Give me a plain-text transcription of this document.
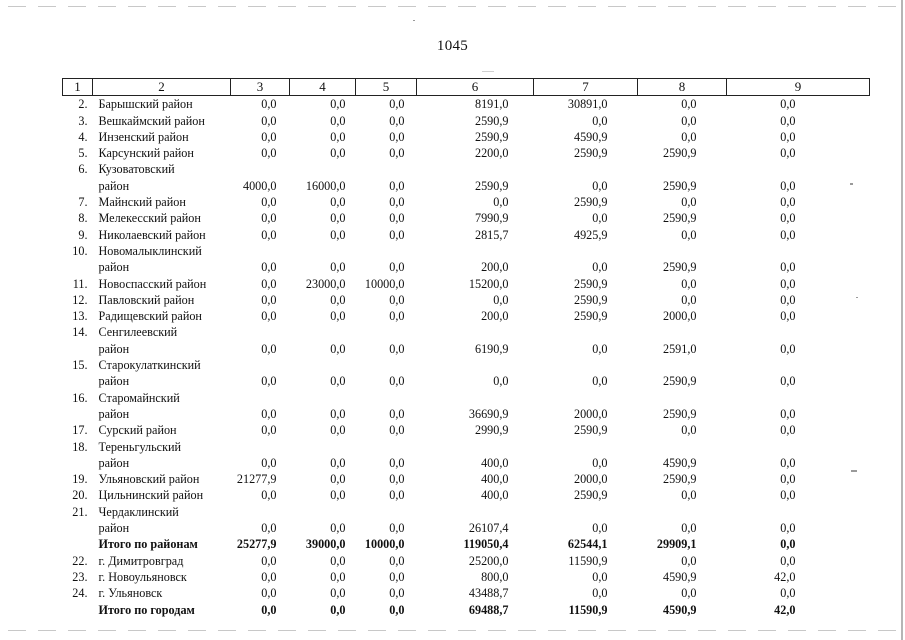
1045
1	2	3	4	5	6	7	8	9
2.	Барышский район	0,0	0,0	0,0	8191,0	30891,0	0,0	0,0
3.	Вешкаймский район	0,0	0,0	0,0	2590,9	0,0	0,0	0,0
4.	Инзенский район	0,0	0,0	0,0	2590,9	4590,9	0,0	0,0
5.	Карсунский район	0,0	0,0	0,0	2200,0	2590,9	2590,9	0,0
6.	Кузоватовский							
	район	4000,0	16000,0	0,0	2590,9	0,0	2590,9	0,0
7.	Майнский район	0,0	0,0	0,0	0,0	2590,9	0,0	0,0
8.	Мелекесский район	0,0	0,0	0,0	7990,9	0,0	2590,9	0,0
9.	Николаевский район	0,0	0,0	0,0	2815,7	4925,9	0,0	0,0
10.	Новомалыклинский							
	район	0,0	0,0	0,0	200,0	0,0	2590,9	0,0
11.	Новоспасский район	0,0	23000,0	10000,0	15200,0	2590,9	0,0	0,0
12.	Павловский район	0,0	0,0	0,0	0,0	2590,9	0,0	0,0
13.	Радищевский район	0,0	0,0	0,0	200,0	2590,9	2000,0	0,0
14.	Сенгилеевский							
	район	0,0	0,0	0,0	6190,9	0,0	2591,0	0,0
15.	Старокулаткинский							
	район	0,0	0,0	0,0	0,0	0,0	2590,9	0,0
16.	Старомайнский							
	район	0,0	0,0	0,0	36690,9	2000,0	2590,9	0,0
17.	Сурский район	0,0	0,0	0,0	2990,9	2590,9	0,0	0,0
18.	Тереньгульский							
	район	0,0	0,0	0,0	400,0	0,0	4590,9	0,0
19.	Ульяновский район	21277,9	0,0	0,0	400,0	2000,0	2590,9	0,0
20.	Цильнинский район	0,0	0,0	0,0	400,0	2590,9	0,0	0,0
21.	Чердаклинский							
	район	0,0	0,0	0,0	26107,4	0,0	0,0	0,0
	Итого по районам	25277,9	39000,0	10000,0	119050,4	62544,1	29909,1	0,0
22.	г. Димитровград	0,0	0,0	0,0	25200,0	11590,9	0,0	0,0
23.	г. Новоульяновск	0,0	0,0	0,0	800,0	0,0	4590,9	42,0
24.	г. Ульяновск	0,0	0,0	0,0	43488,7	0,0	0,0	0,0
	Итого по городам	0,0	0,0	0,0	69488,7	11590,9	4590,9	42,0
